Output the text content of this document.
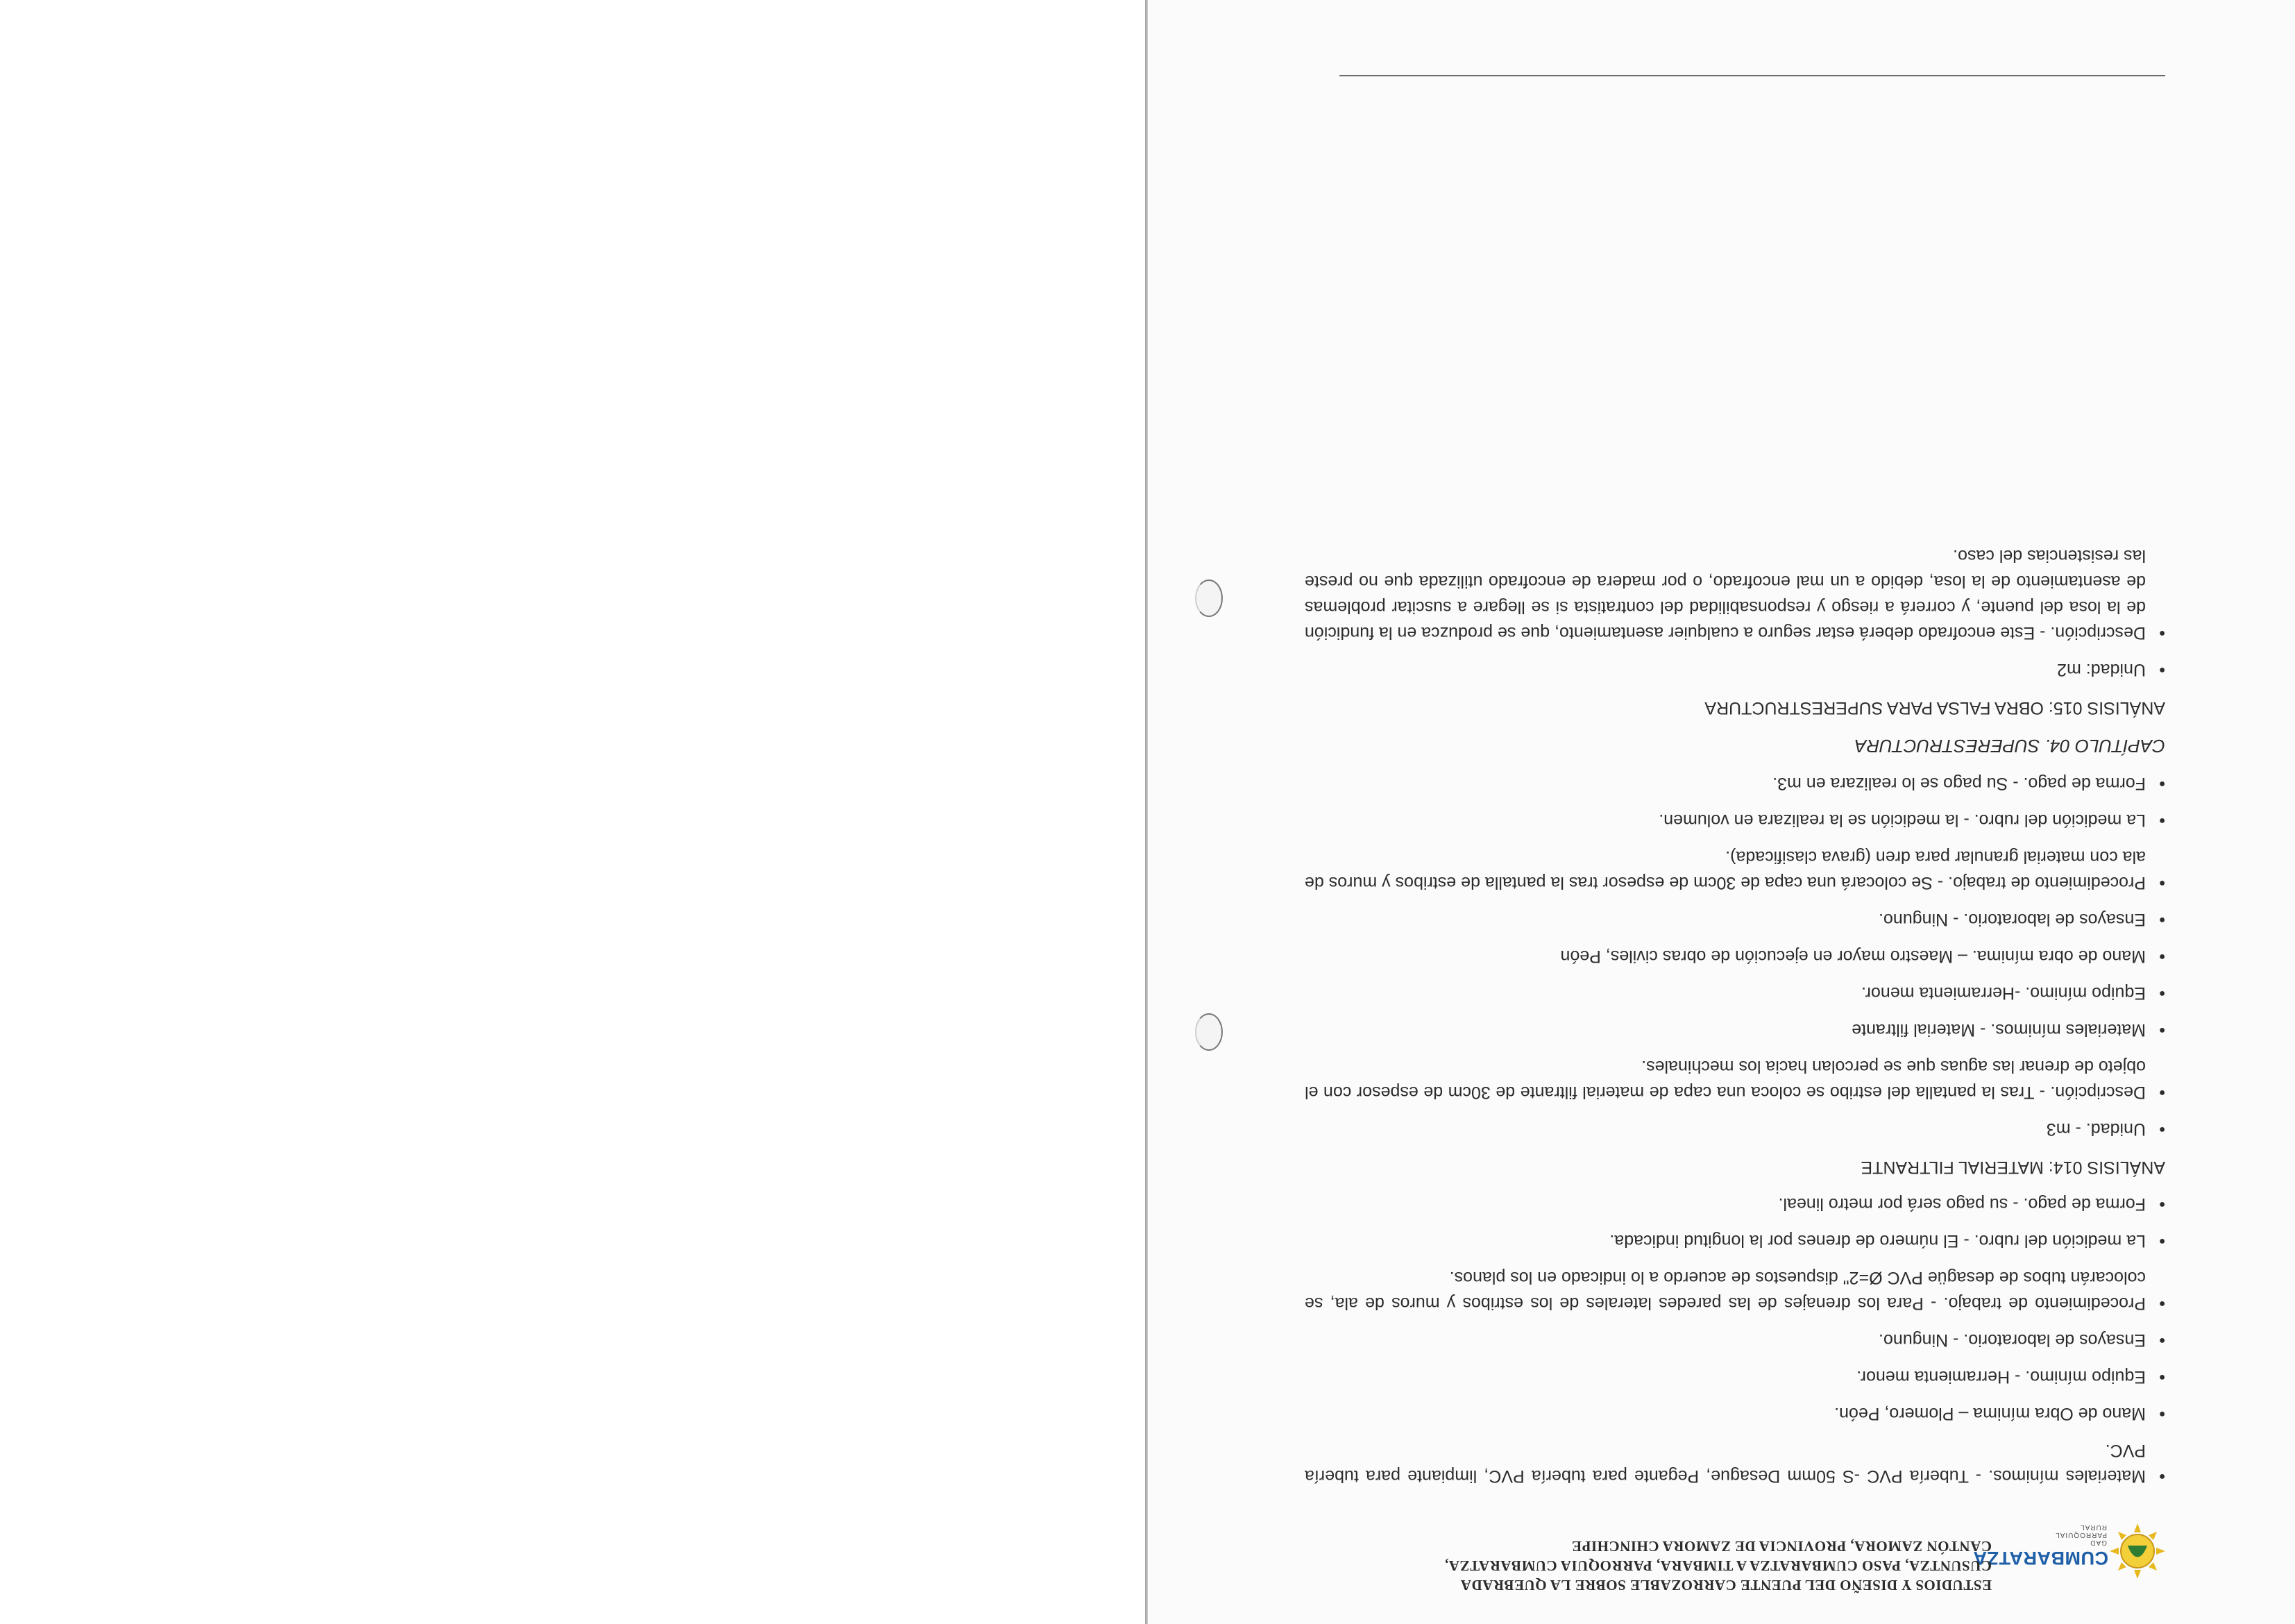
CUMBARATZA
GAD PARROQUIAL RURAL

ESTUDIOS Y DISEÑO DEL PUENTE CARROZABLE SOBRE LA QUEBRADA

CUSUNTZA, PASO CUMBARATZA A TIMBARA, PARROQUIA CUMBARATZA,

CANTÓN ZAMORA, PROVINCIA DE ZAMORA CHINCHIPE

• Materiales mínimos. - Tubería PVC -S 50mm Desague, Pegante para tubería PVC, limpiante para tubería PVC.
• Mano de Obra mínima – Plomero, Peón.
• Equipo mínimo. - Herramienta menor.
• Ensayos de laboratorio. - Ninguno.
• Procedimiento de trabajo. - Para los drenajes de las paredes laterales de los estribos y muros de ala, se colocarán tubos de desagüe PVC Ø=2" dispuestos de acuerdo a lo indicado en los planos.
• La medición del rubro. - El número de drenes por la longitud indicada.
• Forma de pago. - su pago será por metro lineal.
ANÁLISIS 014: MATERIAL FILTRANTE
• Unidad. - m3
• Descripción. - Tras la pantalla del estribo se coloca una capa de material filtrante de 30cm de espesor con el objeto de drenar las aguas que se percolan hacia los mechinales.
• Materiales mínimos. - Material filtrante
• Equipo mínimo. -Herramienta menor.
• Mano de obra mínima. – Maestro mayor en ejecución de obras civiles, Peón
• Ensayos de laboratorio. - Ninguno.
• Procedimiento de trabajo. - Se colocará una capa de 30cm de espesor tras la pantalla de estribos y muros de ala con material granular para dren (grava clasificada).
• La medición del rubro. - la medición se la realizara en volumen.
• Forma de pago. - Su pago se lo realizara en m3.
CAPÍTULO 04. SUPERESTRUCTURA
ANÁLISIS 015: OBRA FALSA PARA SUPERESTRUCTURA
• Unidad: m2
• Descripción. - Este encofrado deberá estar seguro a cualquier asentamiento, que se produzca en la fundición de la losa del puente, y correrá a riesgo y responsabilidad del contratista si se llegare a suscitar problemas de asentamiento de la losa, debido a un mal encofrado, o por madera de encofrado utilizada que no preste las resistencias del caso.
